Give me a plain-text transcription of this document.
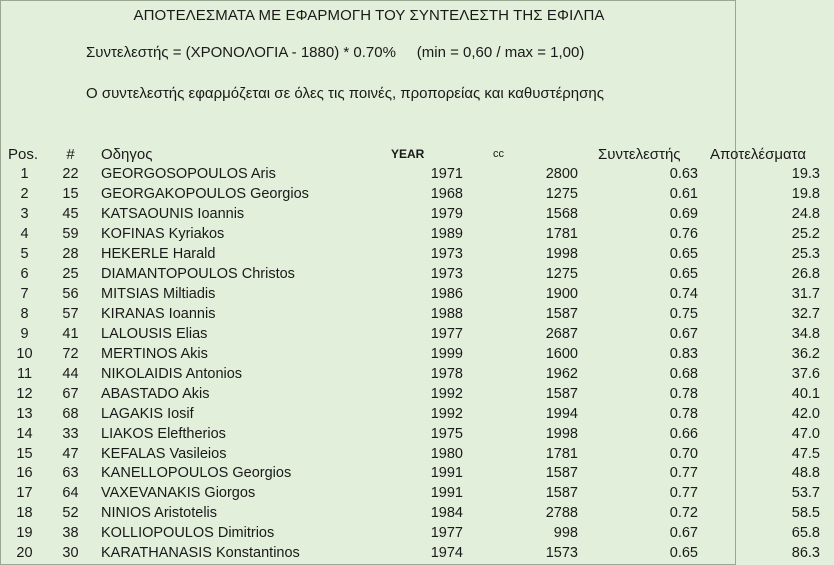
ΑΠΟΤΕΛΕΣΜΑΤΑ ΜΕ ΕΦΑΡΜΟΓΗ ΤΟΥ ΣΥΝΤΕΛΕΣΤΗ ΤΗΣ ΕΦΙΛΠΑ
Συντελεστής = (ΧΡΟΝΟΛΟΓΙΑ - 1880) * 0.70%     (min = 0,60 / max = 1,00)
Ο συντελεστής εφαρμόζεται σε όλες τις ποινές, προπορείας και καθυστέρησης
Pos.	#	Οδηγος	YEAR	cc	Συντελεστής	Αποτελέσματα
1	22	GEORGOSOPOULOS Aris	1971	2800	0.63	19.3
2	15	GEORGAKOPOULOS Georgios	1968	1275	0.61	19.8
3	45	KATSAOUNIS Ioannis	1979	1568	0.69	24.8
4	59	KOFINAS Kyriakos	1989	1781	0.76	25.2
5	28	HEKERLE Harald	1973	1998	0.65	25.3
6	25	DIAMANTOPOULOS Christos	1973	1275	0.65	26.8
7	56	MITSIAS Miltiadis	1986	1900	0.74	31.7
8	57	KIRANAS Ioannis	1988	1587	0.75	32.7
9	41	LALOUSIS Elias	1977	2687	0.67	34.8
10	72	MERTINOS Akis	1999	1600	0.83	36.2
11	44	NIKOLAIDIS Antonios	1978	1962	0.68	37.6
12	67	ABASTADO Akis	1992	1587	0.78	40.1
13	68	LAGAKIS Iosif	1992	1994	0.78	42.0
14	33	LIAKOS Eleftherios	1975	1998	0.66	47.0
15	47	KEFALAS Vasileios	1980	1781	0.70	47.5
16	63	KANELLOPOULOS Georgios	1991	1587	0.77	48.8
17	64	VAXEVANAKIS Giorgos	1991	1587	0.77	53.7
18	52	NINIOS Aristotelis	1984	2788	0.72	58.5
19	38	KOLLIOPOULOS Dimitrios	1977	998	0.67	65.8
20	30	KARATHANASIS Konstantinos	1974	1573	0.65	86.3
